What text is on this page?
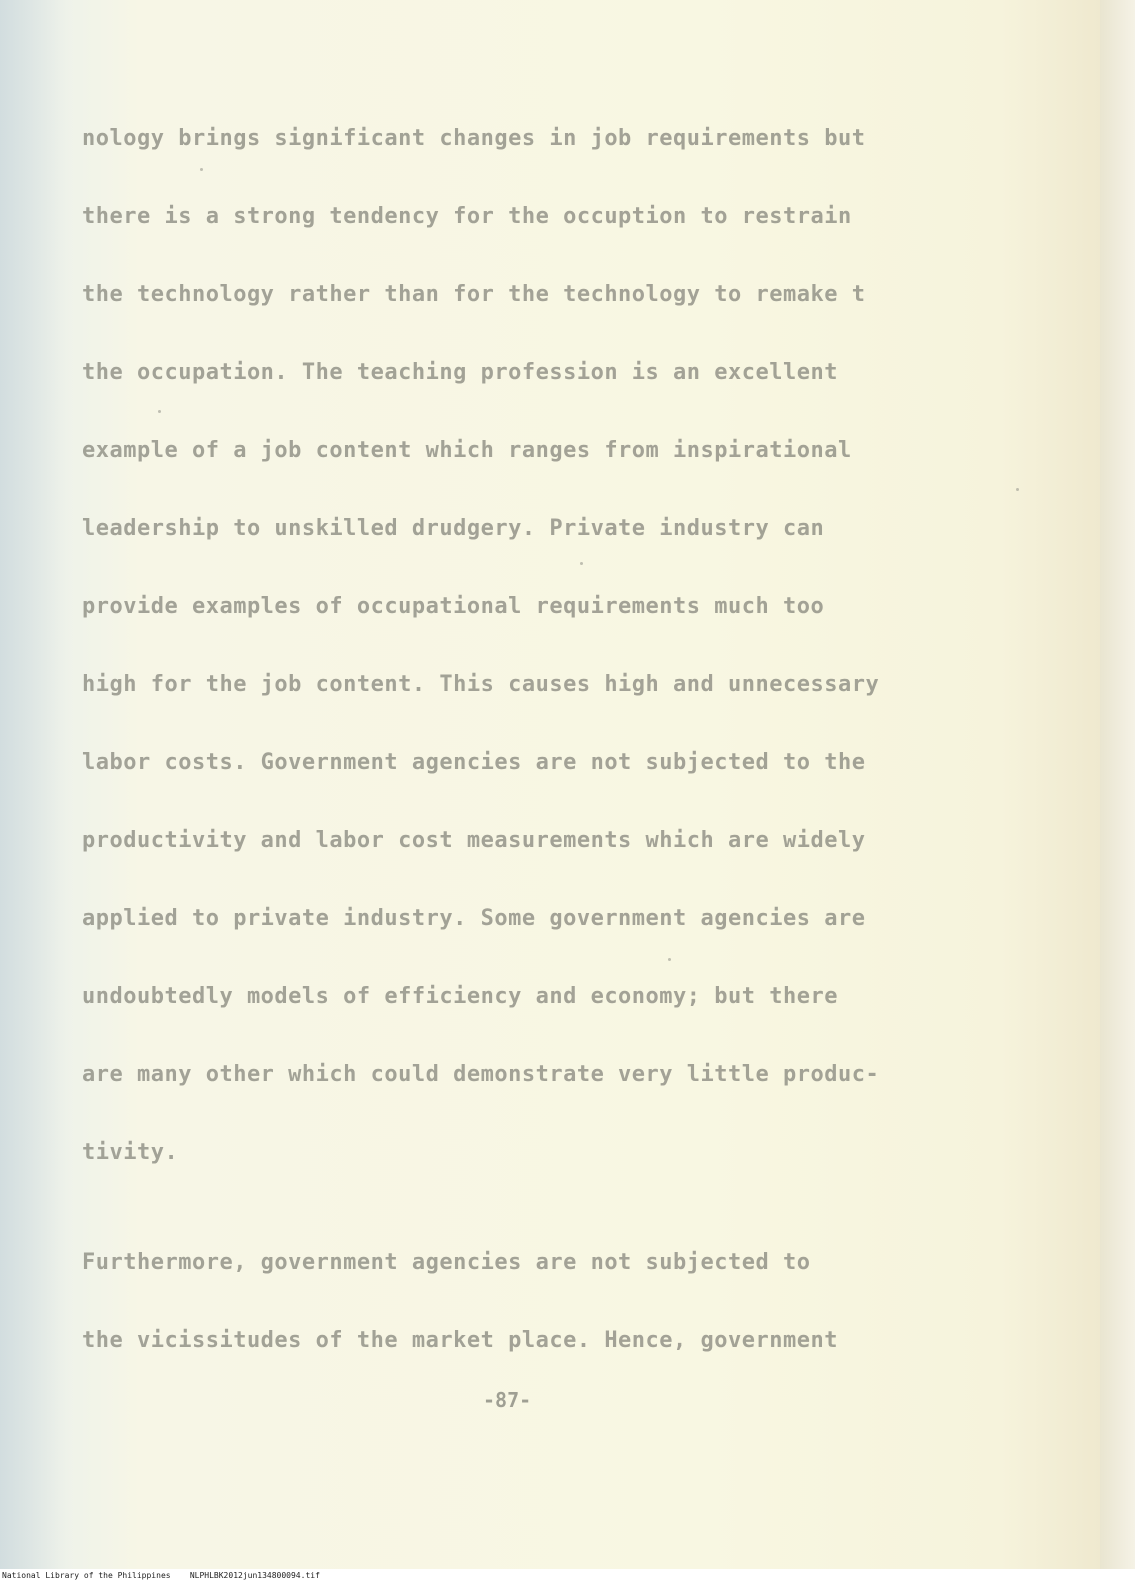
nology brings significant changes in job requirements but
there is a strong tendency for the occuption to restrain
the technology rather than for the technology to remake t
the occupation. The teaching profession is an excellent
example of a job content which ranges from inspirational
leadership to unskilled drudgery. Private industry can
provide examples of occupational requirements much too
high for the job content. This causes high and unnecessary
labor costs. Government agencies are not subjected to the
productivity and labor cost measurements which are widely
applied to private industry. Some government agencies are
undoubtedly models of efficiency and economy; but there
are many other which could demonstrate very little produc-
tivity.
Furthermore, government agencies are not subjected to
the vicissitudes of the market place. Hence, government
-87-
National Library of the Philippines NLPHLBK2012jun134800094.tif
